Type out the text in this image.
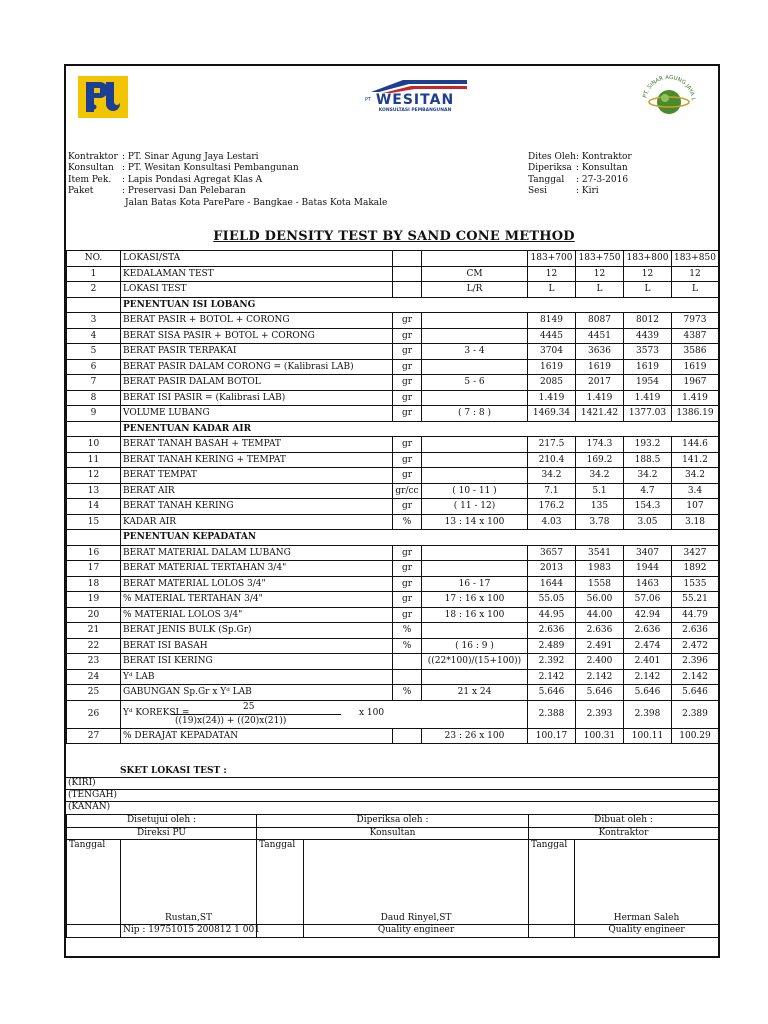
PT WESITAN
KONSULTASI PEMBANGUNAN
PT. SINAR AGUNG JAYA L
Kontraktor : PT. Sinar Agung Jaya Lestari
Konsultan : PT. Wesitan Konsultasi Pembangunan
Item Pek. : Lapis Pondasi Agregat Klas A
Paket	: Preservasi Dan Pelebaran
Jalan Batas Kota ParePare - Bangkae - Batas Kota Makale
Dites Oleh : Kontraktor
Diperiksa : Konsultan
Tanggal : 27-3-2016
Sesi	: Kiri
FIELD DENSITY TEST BY SAND CONE METHOD
NO.	LOKASI/STA			183+700	183+750	183+800	183+850
1	KEDALAMAN TEST		CM	12	12	12	12
2	LOKASI TEST		L/R	L	L	L	L
	PENENTUAN ISI LOBANG						
3	BERAT PASIR + BOTOL + CORONG	gr		8149	8087	8012	7973
4	BERAT SISA PASIR + BOTOL + CORONG	gr		4445	4451	4439	4387
5	BERAT PASIR TERPAKAI	gr	3 - 4	3704	3636	3573	3586
6	BERAT PASIR DALAM CORONG = (Kalibrasi LAB)	gr		1619	1619	1619	1619
7	BERAT PASIR DALAM BOTOL	gr	5 - 6	2085	2017	1954	1967
8	BERAT ISI PASIR = (Kalibrasi LAB)	gr		1.419	1.419	1.419	1.419
9	VOLUME LUBANG	gr	( 7 : 8 )	1469.34	1421.42	1377.03	1386.19
	PENENTUAN KADAR AIR						
10	BERAT TANAH BASAH + TEMPAT	gr		217.5	174.3	193.2	144.6
11	BERAT TANAH KERING + TEMPAT	gr		210.4	169.2	188.5	141.2
12	BERAT TEMPAT	gr		34.2	34.2	34.2	34.2
13	BERAT AIR	gr/cc	( 10 - 11 )	7.1	5.1	4.7	3.4
14	BERAT TANAH KERING	gr	( 11 - 12)	176.2	135	154.3	107
15	KADAR AIR	%	13 : 14 x 100	4.03	3.78	3.05	3.18
	PENENTUAN KEPADATAN						
16	BERAT MATERIAL DALAM LUBANG	gr		3657	3541	3407	3427
17	BERAT MATERIAL TERTAHAN 3/4"	gr		2013	1983	1944	1892
18	BERAT MATERIAL LOLOS 3/4"	gr	16 - 17	1644	1558	1463	1535
19	% MATERIAL TERTAHAN 3/4"	gr	17 : 16 x 100	55.05	56.00	57.06	55.21
20	% MATERIAL LOLOS 3/4"	gr	18 : 16 x 100	44.95	44.00	42.94	44.79
21	BERAT JENIS BULK (Sp.Gr)	%		2.636	2.636	2.636	2.636
22	BERAT ISI BASAH	%	( 16 : 9 )	2.489	2.491	2.474	2.472
23	BERAT ISI KERING		((22*100)/(15+100))	2.392	2.400	2.401	2.396
24	Yᵈ LAB			2.142	2.142	2.142	2.142
25	GABUNGAN Sp.Gr x Yᵈ LAB	%	21 x 24	5.646	5.646	5.646	5.646
26	Yᵈ KOREKSI =
25
((19)x(24)) + ((20)x(21))
x 100			2.388	2.393	2.398	2.389
27	% DERAJAT KEPADATAN		23 : 26 x 100	100.17	100.31	100.11	100.29
SKET LOKASI TEST :
(KIRI)
(TENGAH)
(KANAN)
Disetujui oleh :		Diperiksa oleh :		Dibuat oleh :	
Direksi PU		Konsultan		Kontraktor	
Tanggal	Rustan,ST	Tanggal	Daud Rinyel,ST	Tanggal	Herman Saleh
	Nip : 19751015 200812 1 001		Quality engineer		Quality engineer
